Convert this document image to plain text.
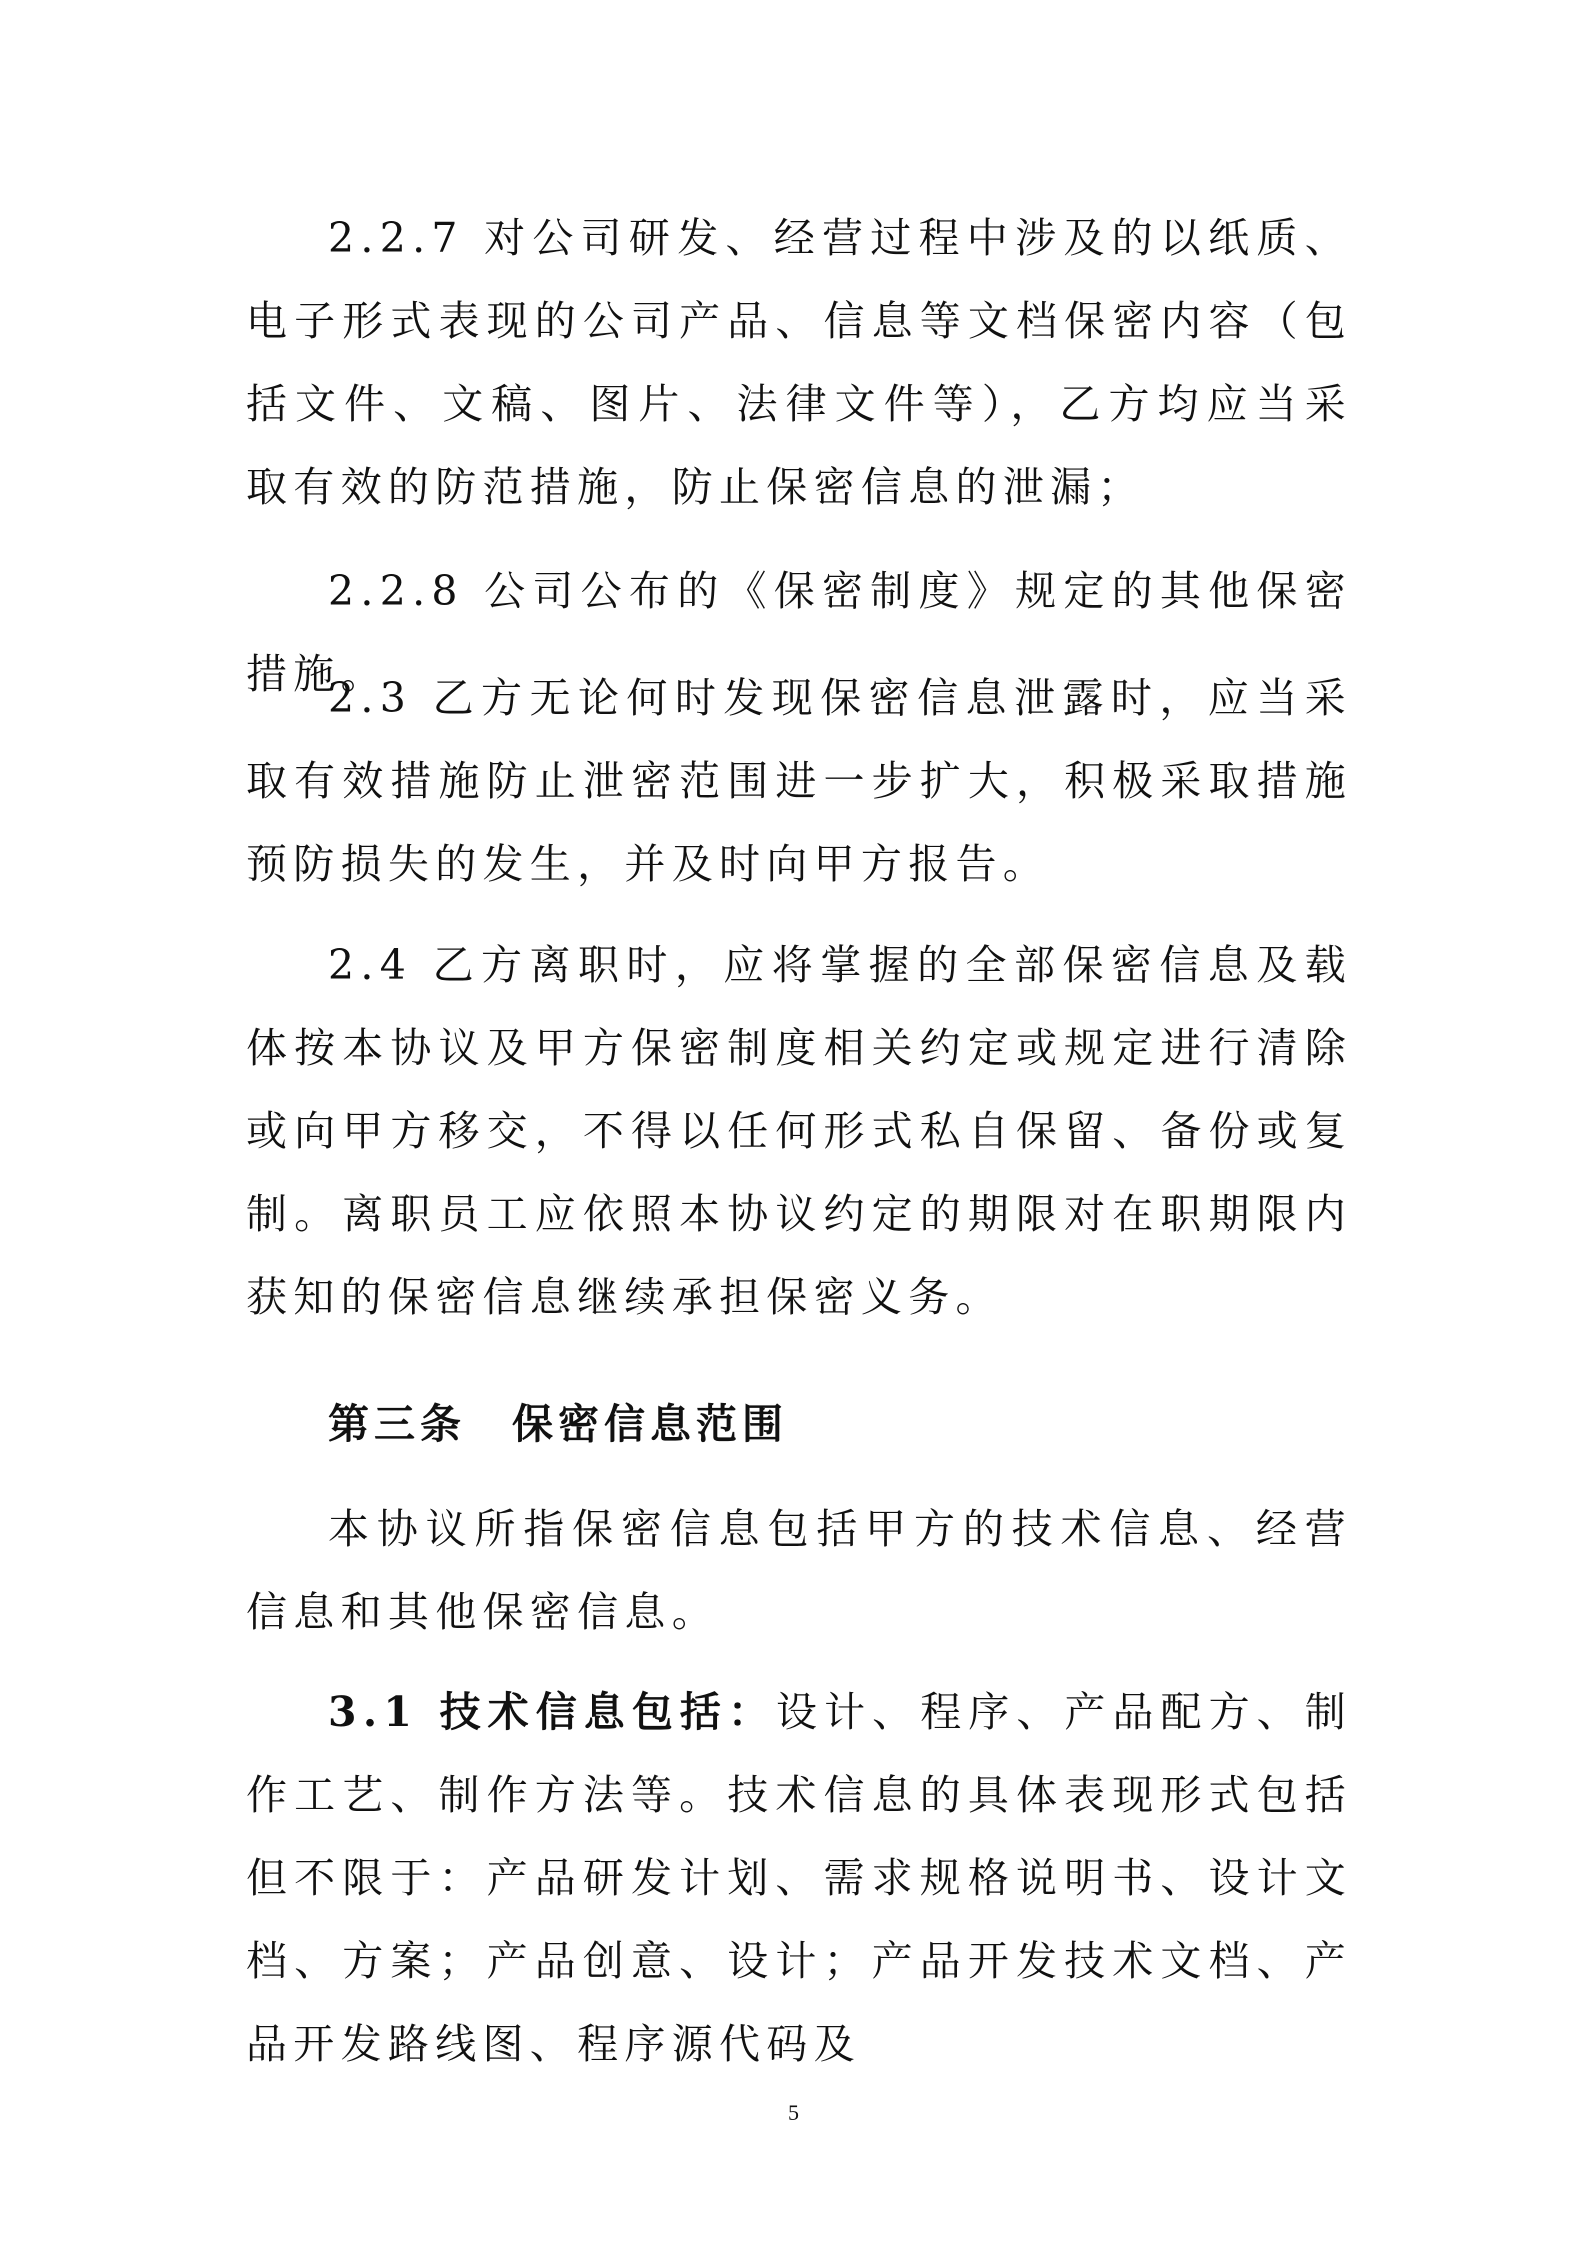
2.2.7 对公司研发、经营过程中涉及的以纸质、电子形式表现的公司产品、信息等文档保密内容（包括文件、文稿、图片、法律文件等），乙方均应当采取有效的防范措施，防止保密信息的泄漏；

2.2.8 公司公布的《保密制度》规定的其他保密措施。

2.3 乙方无论何时发现保密信息泄露时，应当采取有效措施防止泄密范围进一步扩大，积极采取措施预防损失的发生，并及时向甲方报告。

2.4 乙方离职时，应将掌握的全部保密信息及载体按本协议及甲方保密制度相关约定或规定进行清除或向甲方移交，不得以任何形式私自保留、备份或复制。离职员工应依照本协议约定的期限对在职期限内获知的保密信息继续承担保密义务。

第三条　保密信息范围

本协议所指保密信息包括甲方的技术信息、经营信息和其他保密信息。

3.1 技术信息包括：设计、程序、产品配方、制作工艺、制作方法等。技术信息的具体表现形式包括但不限于：产品研发计划、需求规格说明书、设计文档、方案；产品创意、设计；产品开发技术文档、产品开发路线图、程序源代码及

5
